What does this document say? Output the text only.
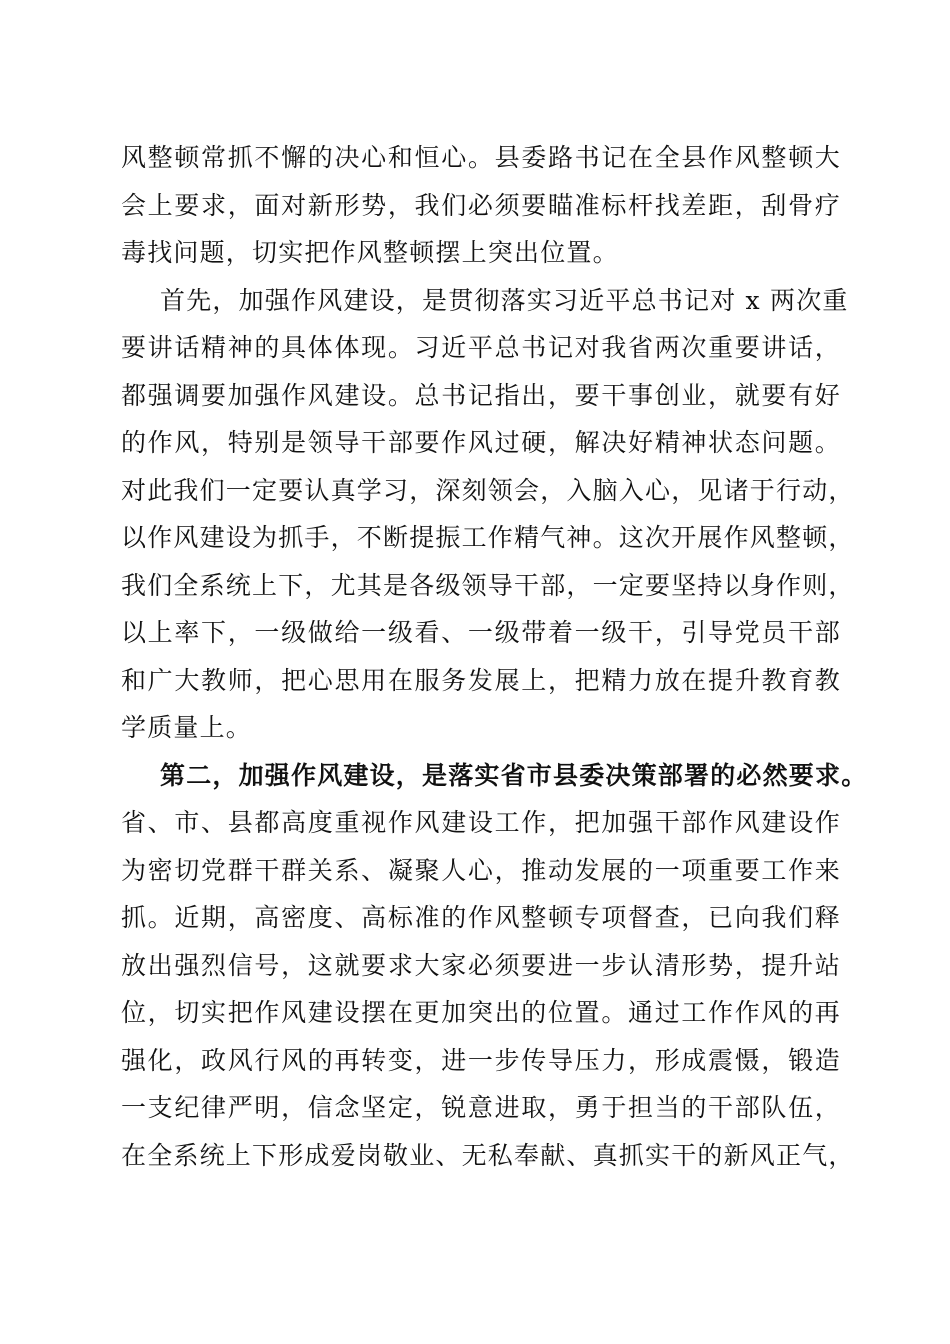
风整顿常抓不懈的决心和恒心。县委路书记在全县作风整顿大
会上要求，面对新形势，我们必须要瞄准标杆找差距，刮骨疗
毒找问题，切实把作风整顿摆上突出位置。
首先，加强作风建设，是贯彻落实习近平总书记对 x 两次重
要讲话精神的具体体现。习近平总书记对我省两次重要讲话，
都强调要加强作风建设。总书记指出，要干事创业，就要有好
的作风，特别是领导干部要作风过硬，解决好精神状态问题。
对此我们一定要认真学习，深刻领会，入脑入心，见诸于行动，
以作风建设为抓手，不断提振工作精气神。这次开展作风整顿，
我们全系统上下，尤其是各级领导干部，一定要坚持以身作则，
以上率下，一级做给一级看、一级带着一级干，引导党员干部
和广大教师，把心思用在服务发展上，把精力放在提升教育教
学质量上。
第二，加强作风建设，是落实省市县委决策部署的必然要求。
省、市、县都高度重视作风建设工作，把加强干部作风建设作
为密切党群干群关系、凝聚人心，推动发展的一项重要工作来
抓。近期，高密度、高标准的作风整顿专项督查，已向我们释
放出强烈信号，这就要求大家必须要进一步认清形势，提升站
位，切实把作风建设摆在更加突出的位置。通过工作作风的再
强化，政风行风的再转变，进一步传导压力，形成震慑，锻造
一支纪律严明，信念坚定，锐意进取，勇于担当的干部队伍，
在全系统上下形成爱岗敬业、无私奉献、真抓实干的新风正气，
